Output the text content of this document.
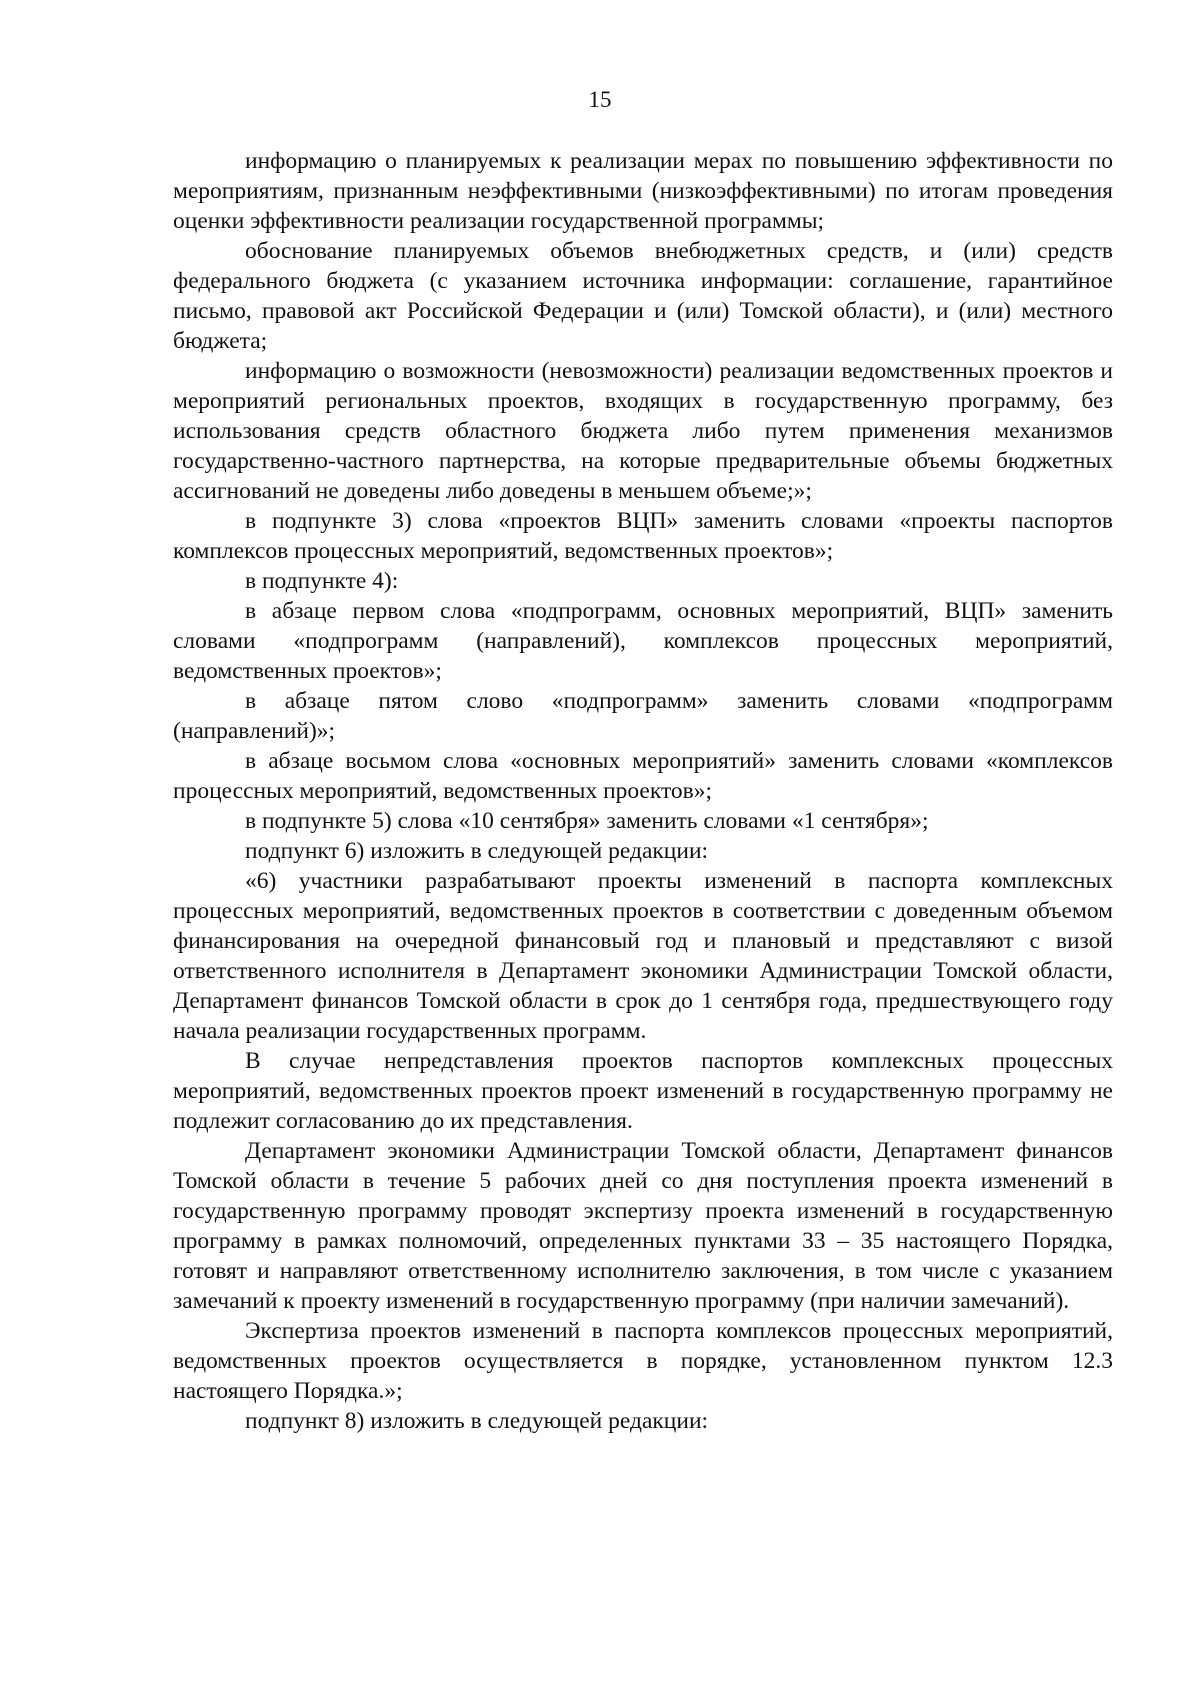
15

информацию о планируемых к реализации мерах по повышению эффективности по мероприятиям, признанным неэффективными (низкоэффективными) по итогам проведения оценки эффективности реализации государственной программы;

обоснование планируемых объемов внебюджетных средств, и (или) средств федерального бюджета (с указанием источника информации: соглашение, гарантийное письмо, правовой акт Российской Федерации и (или) Томской области), и (или) местного бюджета;

информацию о возможности (невозможности) реализации ведомственных проектов и мероприятий региональных проектов, входящих в государственную программу, без использования средств областного бюджета либо путем применения механизмов государственно-частного партнерства, на которые предварительные объемы бюджетных ассигнований не доведены либо доведены в меньшем объеме;»;

в подпункте 3) слова «проектов ВЦП» заменить словами «проекты паспортов комплексов процессных мероприятий, ведомственных проектов»;

в подпункте 4):

в абзаце первом слова «подпрограмм, основных мероприятий, ВЦП» заменить словами «подпрограмм (направлений), комплексов процессных мероприятий, ведомственных проектов»;

в абзаце пятом слово «подпрограмм» заменить словами «подпрограмм (направлений)»;

в абзаце восьмом слова «основных мероприятий» заменить словами «комплексов процессных мероприятий, ведомственных проектов»;

в подпункте 5) слова «10 сентября» заменить словами «1 сентября»;

подпункт 6) изложить в следующей редакции:

«6) участники разрабатывают проекты изменений в паспорта комплексных процессных мероприятий, ведомственных проектов в соответствии с доведенным объемом финансирования на очередной финансовый год и плановый и представляют с визой ответственного исполнителя в Департамент экономики Администрации Томской области, Департамент финансов Томской области в срок до 1 сентября года, предшествующего году начала реализации государственных программ.

В случае непредставления проектов паспортов комплексных процессных мероприятий, ведомственных проектов проект изменений в государственную программу не подлежит согласованию до их представления.

Департамент экономики Администрации Томской области, Департамент финансов Томской области в течение 5 рабочих дней со дня поступления проекта изменений в государственную программу проводят экспертизу проекта изменений в государственную программу в рамках полномочий, определенных пунктами 33 – 35 настоящего Порядка, готовят и направляют ответственному исполнителю заключения, в том числе с указанием замечаний к проекту изменений в государственную программу (при наличии замечаний).

Экспертиза проектов изменений в паспорта комплексов процессных мероприятий, ведомственных проектов осуществляется в порядке, установленном пунктом 12.3 настоящего Порядка.»;

подпункт 8) изложить в следующей редакции:
